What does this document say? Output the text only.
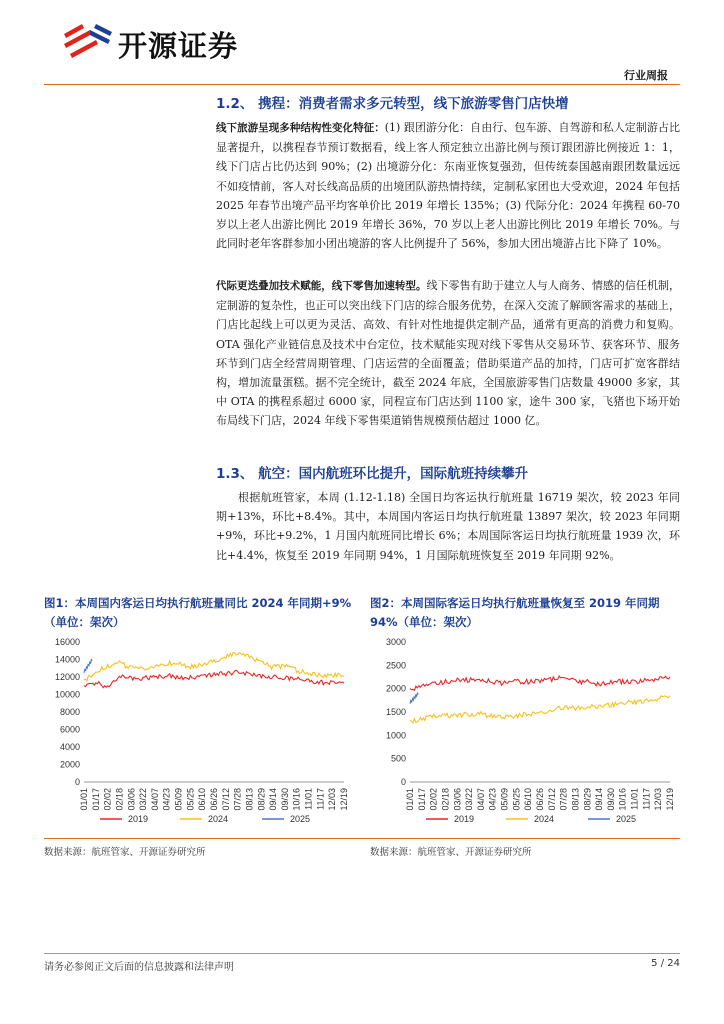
开源证券
行业周报
1.2、 携程：消费者需求多元转型，线下旅游零售门店快增
线下旅游呈现多种结构性变化特征：(1) 跟团游分化：自由行、包车游、自驾游和私人定制游占比显著提升，以携程春节预订数据看，线上客人预定独立出游比例与预订跟团游比例接近 1：1，线下门店占比仍达到 90%；(2) 出境游分化：东南亚恢复强劲，但传统泰国越南跟团数量远远不如疫情前，客人对长线高品质的出境团队游热情持续，定制私家团也大受欢迎，2024 年包括 2025 年春节出境产品平均客单价比 2019 年增长 135%；(3) 代际分化：2024 年携程 60-70 岁以上老人出游比例比 2019 年增长 36%，70 岁以上老人出游比例比 2019 年增长 70%。与此同时老年客群参加小团出境游的客人比例提升了 56%，参加大团出境游占比下降了 10%。
代际更迭叠加技术赋能，线下零售加速转型。线下零售有助于建立人与人商务、情感的信任机制，定制游的复杂性，也正可以突出线下门店的综合服务优势，在深入交流了解顾客需求的基础上，门店比起线上可以更为灵活、高效、有针对性地提供定制产品，通常有更高的消费力和复购。OTA 强化产业链信息及技术中台定位，技术赋能实现对线下零售从交易环节、获客环节、服务环节到门店全经营周期管理、门店运营的全面覆盖；借助渠道产品的加持，门店可扩宽客群结构，增加流量蛋糕。据不完全统计，截至 2024 年底，全国旅游零售门店数量 49000 多家，其中 OTA 的携程系超过 6000 家，同程宣布门店达到 1100 家，途牛 300 家，飞猪也下场开始布局线下门店，2024 年线下零售渠道销售规模预估超过 1000 亿。
1.3、 航空：国内航班环比提升，国际航班持续攀升
根据航班管家，本周 (1.12-1.18) 全国日均客运执行航班量 16719 架次，较 2023 年同期+13%，环比+8.4%。其中，本周国内客运日均执行航班量 13897 架次，较 2023 年同期+9%，环比+9.2%，1 月国内航班同比增长 6%；本周国际客运日均执行航班量 1939 次，环比+4.4%，恢复至 2019 年同期 94%，1 月国际航班恢复至 2019 年同期 92%。
图1：本周国内客运日均执行航班量同比 2024 年同期+9%（单位：架次）
图2：本周国际客运日均执行航班量恢复至 2019 年同期 94%（单位：架次）
0
2000
4000
6000
8000
10000
12000
14000
16000
01/01 01/17 02/02 02/18 03/06 03/22 04/07 04/23 05/09 05/25 06/10 06/26 07/12 07/28 08/13 08/29 09/14 09/30 10/16 11/01 11/17 12/03 12/19
2019	2024	2025
0
500
1000
1500
2000
2500
3000
01/01 01/17 02/02 02/18 03/06 03/22 04/07 04/23 05/09 05/25 06/10 06/26 07/12 07/28 08/13 08/29 09/14 09/30 10/16 11/01 11/17 12/03 12/19
2019	2024	2025
数据来源：航班管家、开源证券研究所	数据来源：航班管家、开源证券研究所
请务必参阅正文后面的信息披露和法律声明	5 / 24
